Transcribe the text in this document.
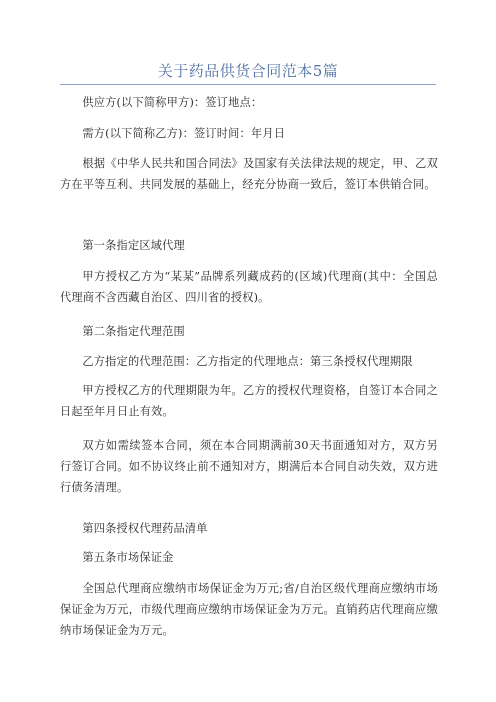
关于药品供货合同范本5篇

供应方(以下简称甲方)：签订地点：

需方(以下简称乙方)：签订时间：年月日

根据《中华人民共和国合同法》及国家有关法律法规的规定，甲、乙双方在平等互利、共同发展的基础上，经充分协商一致后，签订本供销合同。

第一条指定区域代理

甲方授权乙方为“某某”品牌系列藏成药的(区域)代理商(其中：全国总代理商不含西藏自治区、四川省的授权)。

第二条指定代理范围

乙方指定的代理范围：乙方指定的代理地点：第三条授权代理期限

甲方授权乙方的代理期限为年。乙方的授权代理资格，自签订本合同之日起至年月日止有效。

双方如需续签本合同，须在本合同期满前30天书面通知对方，双方另行签订合同。如不协议终止前不通知对方，期满后本合同自动失效，双方进行债务清理。

第四条授权代理药品清单

第五条市场保证金

全国总代理商应缴纳市场保证金为万元;省/自治区级代理商应缴纳市场保证金为万元，市级代理商应缴纳市场保证金为万元。直销药店代理商应缴纳市场保证金为万元。
